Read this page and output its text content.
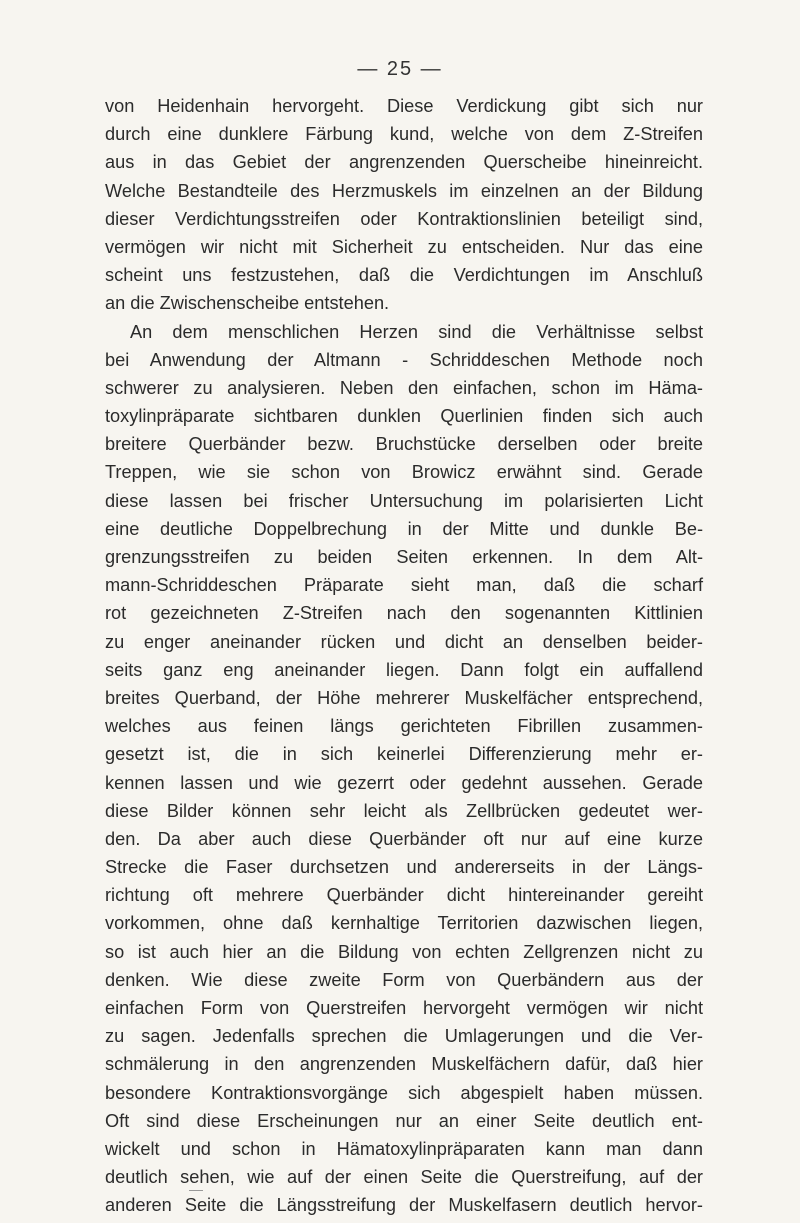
— 25 —
von Heidenhain hervorgeht. Diese Verdickung gibt sich nur
durch eine dunklere Färbung kund, welche von dem Z-Streifen
aus in das Gebiet der angrenzenden Querscheibe hineinreicht.
Welche Bestandteile des Herzmuskels im einzelnen an der Bildung
dieser Verdichtungsstreifen oder Kontraktionslinien beteiligt sind,
vermögen wir nicht mit Sicherheit zu entscheiden. Nur das eine
scheint uns festzustehen, daß die Verdichtungen im Anschluß
an die Zwischenscheibe entstehen.
An dem menschlichen Herzen sind die Verhältnisse selbst
bei Anwendung der Altmann - Schriddeschen Methode noch
schwerer zu analysieren. Neben den einfachen, schon im Häma-
toxylinpräparate sichtbaren dunklen Querlinien finden sich auch
breitere Querbänder bezw. Bruchstücke derselben oder breite
Treppen, wie sie schon von Browicz erwähnt sind. Gerade
diese lassen bei frischer Untersuchung im polarisierten Licht
eine deutliche Doppelbrechung in der Mitte und dunkle Be-
grenzungsstreifen zu beiden Seiten erkennen. In dem Alt-
mann-Schriddeschen Präparate sieht man, daß die scharf
rot gezeichneten Z-Streifen nach den sogenannten Kittlinien
zu enger aneinander rücken und dicht an denselben beider-
seits ganz eng aneinander liegen. Dann folgt ein auffallend
breites Querband, der Höhe mehrerer Muskelfächer entsprechend,
welches aus feinen längs gerichteten Fibrillen zusammen-
gesetzt ist, die in sich keinerlei Differenzierung mehr er-
kennen lassen und wie gezerrt oder gedehnt aussehen. Gerade
diese Bilder können sehr leicht als Zellbrücken gedeutet wer-
den. Da aber auch diese Querbänder oft nur auf eine kurze
Strecke die Faser durchsetzen und andererseits in der Längs-
richtung oft mehrere Querbänder dicht hintereinander gereiht
vorkommen, ohne daß kernhaltige Territorien dazwischen liegen,
so ist auch hier an die Bildung von echten Zellgrenzen nicht zu
denken. Wie diese zweite Form von Querbändern aus der
einfachen Form von Querstreifen hervorgeht vermögen wir nicht
zu sagen. Jedenfalls sprechen die Umlagerungen und die Ver-
schmälerung in den angrenzenden Muskelfächern dafür, daß hier
besondere Kontraktionsvorgänge sich abgespielt haben müssen.
Oft sind diese Erscheinungen nur an einer Seite deutlich ent-
wickelt und schon in Hämatoxylinpräparaten kann man dann
deutlich sehen, wie auf der einen Seite die Querstreifung, auf der
anderen Seite die Längsstreifung der Muskelfasern deutlich hervor-
